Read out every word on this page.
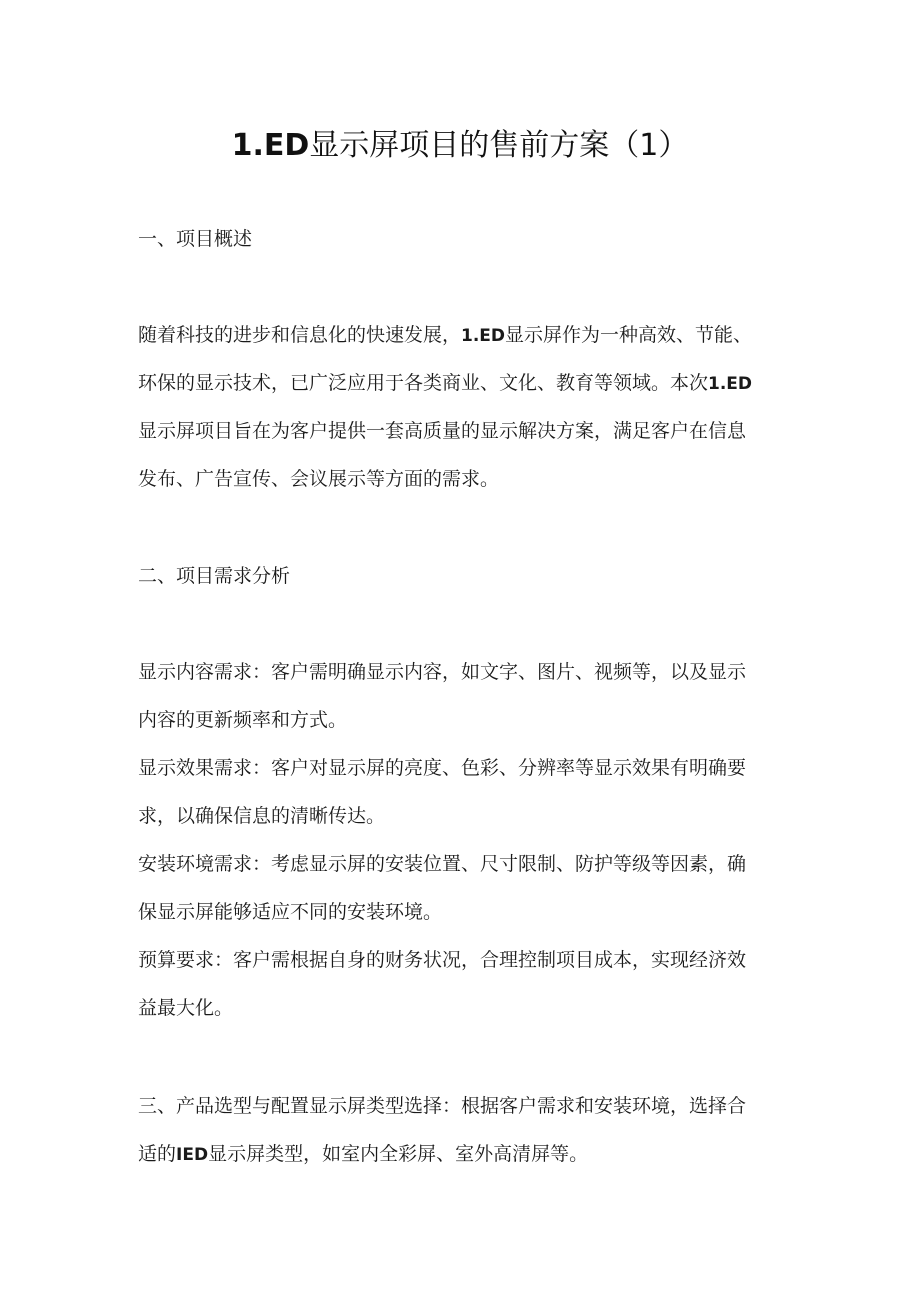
1.ED显示屏项目的售前方案（1）

一、项目概述

随着科技的进步和信息化的快速发展，1.ED显示屏作为一种高效、节能、
环保的显示技术，已广泛应用于各类商业、文化、教育等领域。本次1.ED
显示屏项目旨在为客户提供一套高质量的显示解决方案，满足客户在信息
发布、广告宣传、会议展示等方面的需求。

二、项目需求分析

显示内容需求：客户需明确显示内容，如文字、图片、视频等，以及显示
内容的更新频率和方式。
显示效果需求：客户对显示屏的亮度、色彩、分辨率等显示效果有明确要
求，以确保信息的清晰传达。
安装环境需求：考虑显示屏的安装位置、尺寸限制、防护等级等因素，确
保显示屏能够适应不同的安装环境。
预算要求：客户需根据自身的财务状况，合理控制项目成本，实现经济效
益最大化。
三、产品选型与配置显示屏类型选择：根据客户需求和安装环境，选择合
适的IED显示屏类型，如室内全彩屏、室外高清屏等。
